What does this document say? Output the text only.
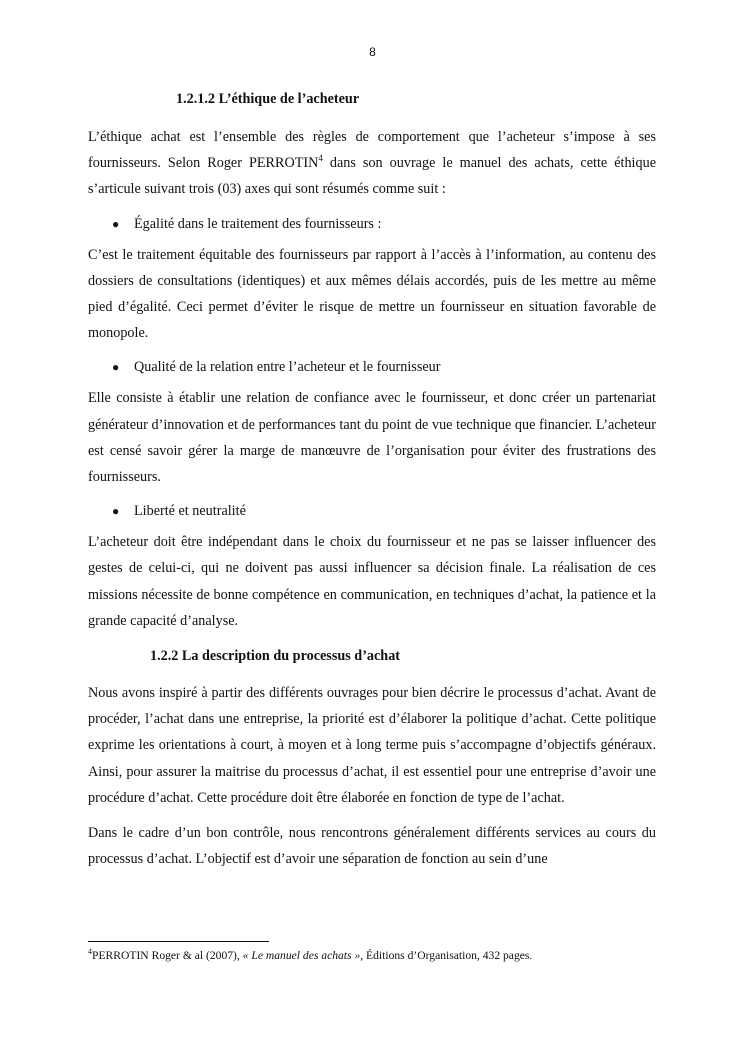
8
1.2.1.2 L’éthique de l’acheteur

L’éthique achat est l’ensemble des règles de comportement que l’acheteur s’impose à ses fournisseurs. Selon Roger PERROTIN$^4$ dans son ouvrage le manuel des achats, cette éthique s’articule suivant trois (03) axes qui sont résumés comme suit :

● Égalité dans le traitement des fournisseurs :

C’est le traitement équitable des fournisseurs par rapport à l’accès à l’information, au contenu des dossiers de consultations (identiques) et aux mêmes délais accordés, puis de les mettre au même pied d’égalité. Ceci permet d’éviter le risque de mettre un fournisseur en situation favorable de monopole.

● Qualité de la relation entre l’acheteur et le fournisseur

Elle consiste à établir une relation de confiance avec le fournisseur, et donc créer un partenariat générateur d’innovation et de performances tant du point de vue technique que financier. L’acheteur est censé savoir gérer la marge de manœuvre de l’organisation pour éviter des frustrations des fournisseurs.

● Liberté et neutralité

L’acheteur doit être indépendant dans le choix du fournisseur et ne pas se laisser influencer des gestes de celui-ci, qui ne doivent pas aussi influencer sa décision finale. La réalisation de ces missions nécessite de bonne compétence en communication, en techniques d’achat, la patience et la grande capacité d’analyse.

1.2.2 La description du processus d’achat

Nous avons inspiré à partir des différents ouvrages pour bien décrire le processus d’achat. Avant de procéder, l’achat dans une entreprise, la priorité est d’élaborer la politique d’achat. Cette politique exprime les orientations à court, à moyen et à long terme puis s’accompagne d’objectifs généraux. Ainsi, pour assurer la maitrise du processus d’achat, il est essentiel pour une entreprise d’avoir une procédure d’achat. Cette procédure doit être élaborée en fonction de type de l’achat.

Dans le cadre d’un bon contrôle, nous rencontrons généralement différents services au cours du processus d’achat. L’objectif est d’avoir une séparation de fonction au sein d’une

$^4$PERROTIN Roger & al (2007), « Le manuel des achats », Éditions d’Organisation, 432 pages.
